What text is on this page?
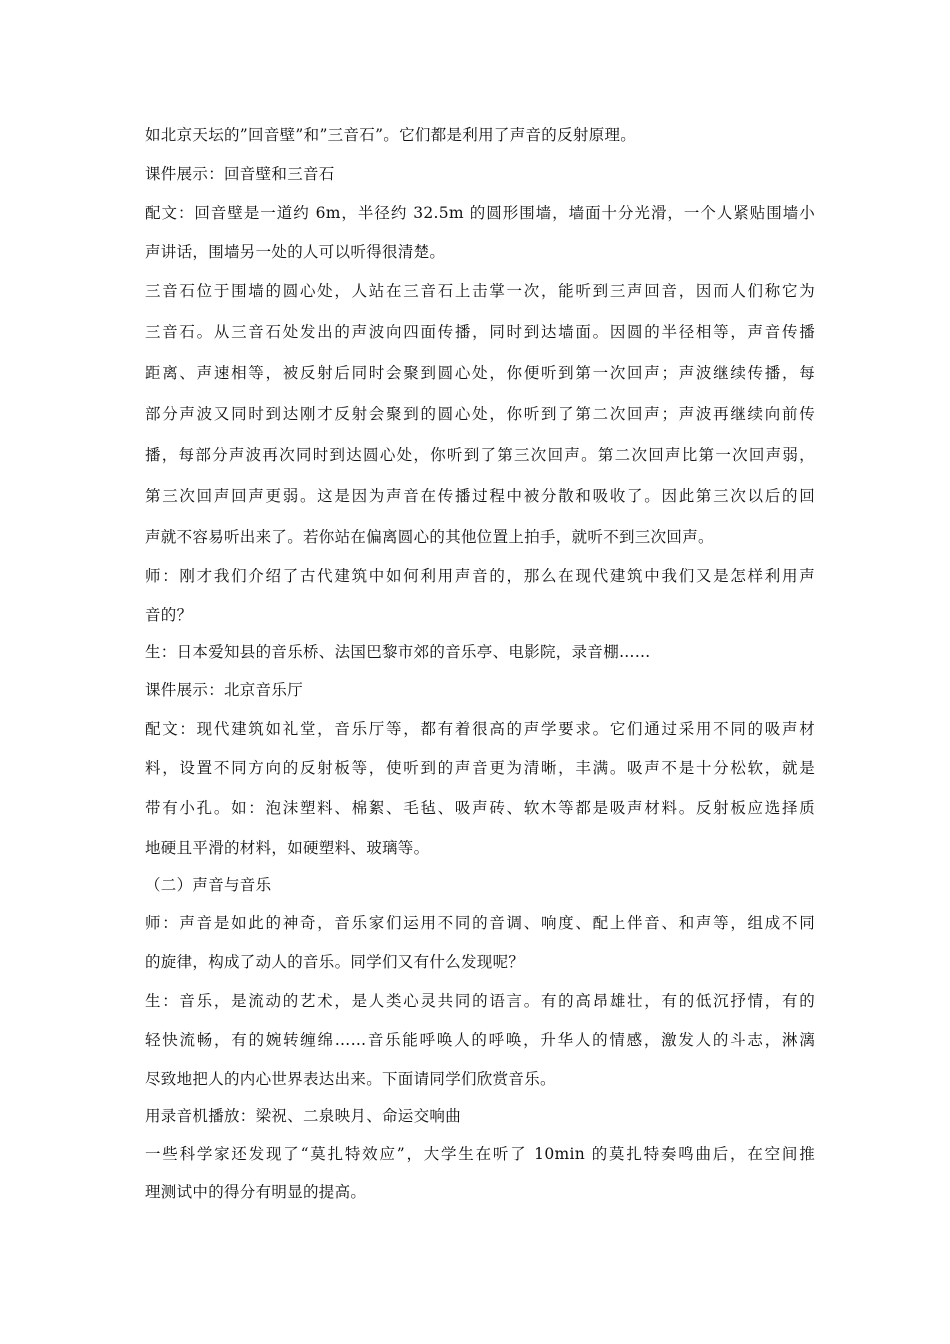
如北京天坛的”回音壁”和”三音石”。它们都是利用了声音的反射原理。
课件展示：回音壁和三音石
配文：回音壁是一道约 6m，半径约 32.5m 的圆形围墙，墙面十分光滑，一个人紧贴围墙小
声讲话，围墙另一处的人可以听得很清楚。
三音石位于围墙的圆心处，人站在三音石上击掌一次，能听到三声回音，因而人们称它为
三音石。从三音石处发出的声波向四面传播，同时到达墙面。因圆的半径相等，声音传播
距离、声速相等，被反射后同时会聚到圆心处，你便听到第一次回声；声波继续传播，每
部分声波又同时到达刚才反射会聚到的圆心处，你听到了第二次回声；声波再继续向前传
播，每部分声波再次同时到达圆心处，你听到了第三次回声。第二次回声比第一次回声弱，
第三次回声回声更弱。这是因为声音在传播过程中被分散和吸收了。因此第三次以后的回
声就不容易听出来了。若你站在偏离圆心的其他位置上拍手，就听不到三次回声。
师：刚才我们介绍了古代建筑中如何利用声音的，那么在现代建筑中我们又是怎样利用声
音的？
生：日本爱知县的音乐桥、法国巴黎市郊的音乐亭、电影院，录音棚……
课件展示：北京音乐厅
配文：现代建筑如礼堂，音乐厅等，都有着很高的声学要求。它们通过采用不同的吸声材
料，设置不同方向的反射板等，使听到的声音更为清晰，丰满。吸声不是十分松软，就是
带有小孔。如：泡沫塑料、棉絮、毛毡、吸声砖、软木等都是吸声材料。反射板应选择质
地硬且平滑的材料，如硬塑料、玻璃等。
（二）声音与音乐
师：声音是如此的神奇，音乐家们运用不同的音调、响度、配上伴音、和声等，组成不同
的旋律，构成了动人的音乐。同学们又有什么发现呢？
生：音乐，是流动的艺术，是人类心灵共同的语言。有的高昂雄壮，有的低沉抒情，有的
轻快流畅，有的婉转缠绵……音乐能呼唤人的呼唤，升华人的情感，激发人的斗志，淋漓
尽致地把人的内心世界表达出来。下面请同学们欣赏音乐。
用录音机播放：梁祝、二泉映月、命运交响曲
一些科学家还发现了“莫扎特效应”，大学生在听了 10min 的莫扎特奏鸣曲后，在空间推
理测试中的得分有明显的提高。
